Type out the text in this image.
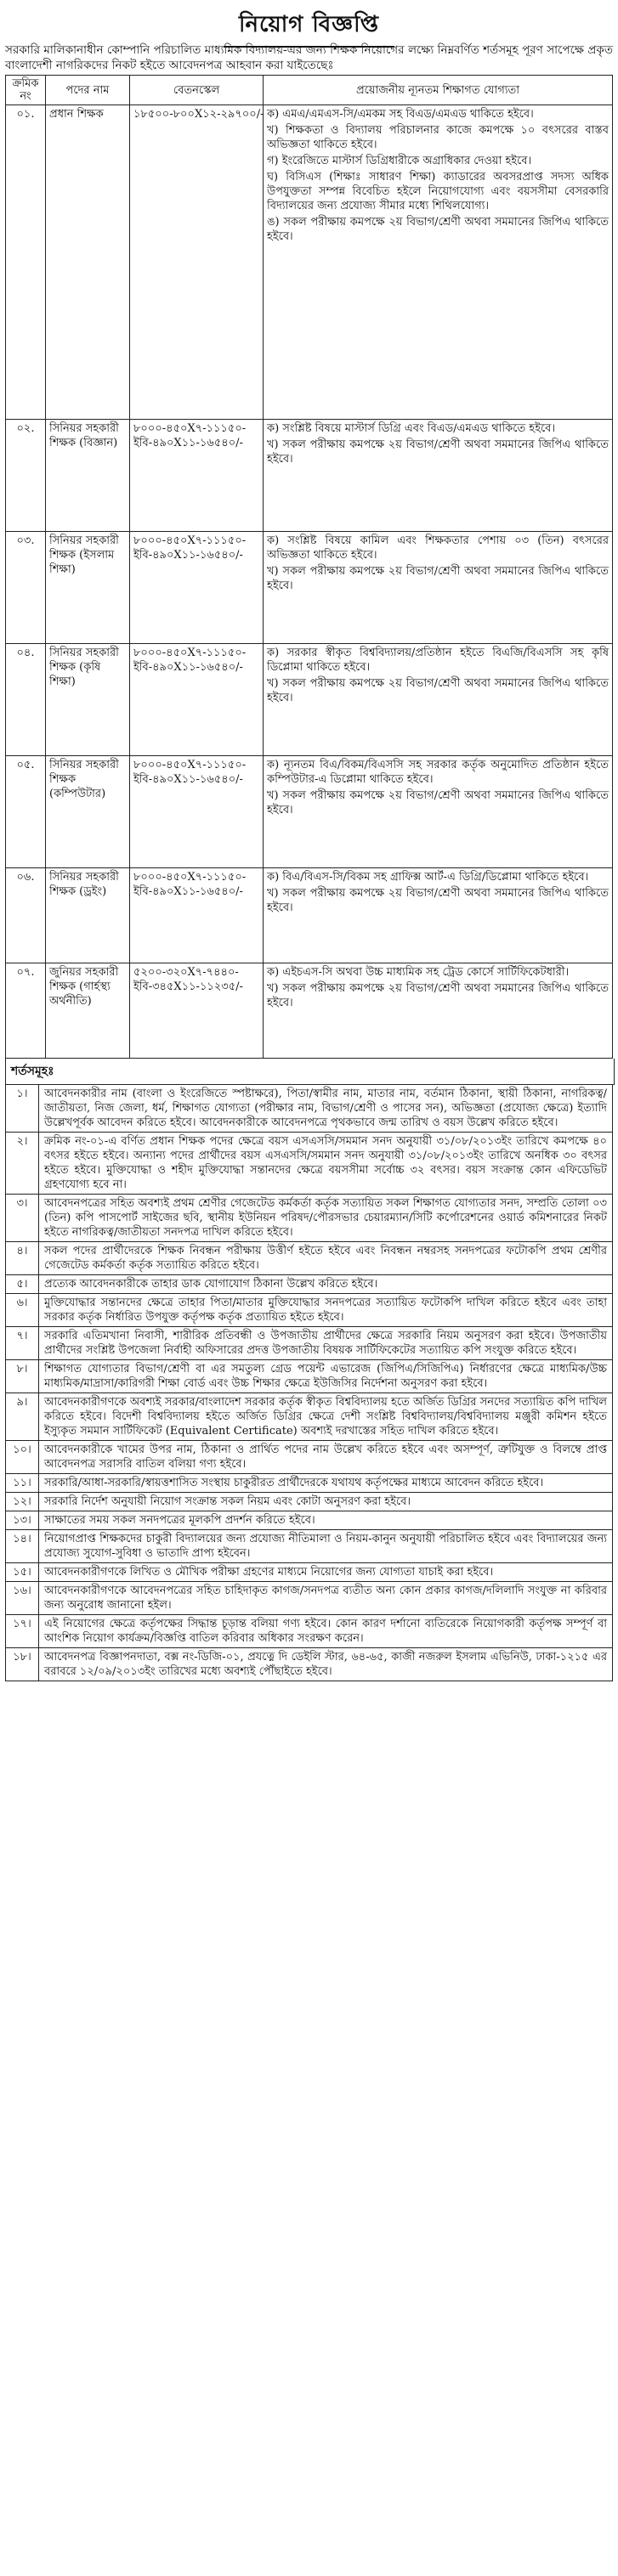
নিয়োগ বিজ্ঞপ্তি
সরকারি মালিকানাধীন কোম্পানি পরিচালিত মাধ্যমিক বিদ্যালয়-এর জন্য শিক্ষক নিয়োগের লক্ষ্যে নিম্নবর্ণিত শর্তসমূহ পূরণ সাপেক্ষে প্রকৃত বাংলাদেশী নাগরিকদের নিকট হইতে আবেদনপত্র আহবান করা যাইতেছেঃ
ক্রমিক নং	পদের নাম	বেতনস্কেল	প্রয়োজনীয় ন্যূনতম শিক্ষাগত যোগ্যতা
০১.	প্রধান শিক্ষক	১৮৫০০-৮০০X১২-২৯৭০০/-	ক) এমএ/এমএস-সি/এমকম সহ বিএড/এমএড থাকিতে হইবে।
খ) শিক্ষকতা ও বিদ্যালয় পরিচালনার কাজে কমপক্ষে ১০ বৎসরের বাস্তব অভিজ্ঞতা থাকিতে হইবে।
গ) ইংরেজিতে মাস্টার্স ডিগ্রিধারীকে অগ্রাধিকার দেওয়া হইবে।
ঘ) বিসিএস (শিক্ষাঃ সাধারণ শিক্ষা) ক্যাডারের অবসরপ্রাপ্ত সদস্য অধিক উপযুক্ততা সম্পন্ন বিবেচিত হইলে নিয়োগযোগ্য এবং বয়সসীমা বেসরকারি বিদ্যালয়ের জন্য প্রযোজ্য সীমার মধ্যে শিথিলযোগ্য।
ঙ) সকল পরীক্ষায় কমপক্ষে ২য় বিভাগ/শ্রেণী অথবা সমমানের জিপিএ থাকিতে হইবে।

০২.	সিনিয়র সহকারী শিক্ষক (বিজ্ঞান)	৮০০০-৪৫০X৭-১১১৫০-ইবি-৪৯০X১১-১৬৫৪০/-	ক) সংশ্লিষ্ট বিষয়ে মাস্টার্স ডিগ্রি এবং বিএড/এমএড থাকিতে হইবে।
খ) সকল পরীক্ষায় কমপক্ষে ২য় বিভাগ/শ্রেণী অথবা সমমানের জিপিএ থাকিতে হইবে।

০৩.	সিনিয়র সহকারী শিক্ষক (ইসলাম শিক্ষা)	৮০০০-৪৫০X৭-১১১৫০-ইবি-৪৯০X১১-১৬৫৪০/-	ক) সংশ্লিষ্ট বিষয়ে কামিল এবং শিক্ষকতার পেশায় ০৩ (তিন) বৎসরের অভিজ্ঞতা থাকিতে হইবে।
খ) সকল পরীক্ষায় কমপক্ষে ২য় বিভাগ/শ্রেণী অথবা সমমানের জিপিএ থাকিতে হইবে।

০৪.	সিনিয়র সহকারী শিক্ষক (কৃষি শিক্ষা)	৮০০০-৪৫০X৭-১১১৫০-ইবি-৪৯০X১১-১৬৫৪০/-	ক) সরকার স্বীকৃত বিশ্ববিদ্যালয়/প্রতিষ্ঠান হইতে বিএজি/বিএসসি সহ কৃষি ডিপ্লোমা থাকিতে হইবে।
খ) সকল পরীক্ষায় কমপক্ষে ২য় বিভাগ/শ্রেণী অথবা সমমানের জিপিএ থাকিতে হইবে।

০৫.	সিনিয়র সহকারী শিক্ষক (কম্পিউটার)	৮০০০-৪৫০X৭-১১১৫০-ইবি-৪৯০X১১-১৬৫৪০/-	ক) ন্যূনতম বিএ/বিকম/বিএসসি সহ সরকার কর্তৃক অনুমোদিত প্রতিষ্ঠান হইতে কম্পিউটার-এ ডিপ্লোমা থাকিতে হইবে।
খ) সকল পরীক্ষায় কমপক্ষে ২য় বিভাগ/শ্রেণী অথবা সমমানের জিপিএ থাকিতে হইবে।

০৬.	সিনিয়র সহকারী শিক্ষক (ড্রইং)	৮০০০-৪৫০X৭-১১১৫০-ইবি-৪৯০X১১-১৬৫৪০/-	ক) বিএ/বিএস-সি/বিকম সহ গ্রাফিক্স আর্ট-এ ডিগ্রি/ডিপ্লোমা থাকিতে হইবে।
খ) সকল পরীক্ষায় কমপক্ষে ২য় বিভাগ/শ্রেণী অথবা সমমানের জিপিএ থাকিতে হইবে।

০৭.	জুনিয়র সহকারী শিক্ষক (গার্হস্থ্য অর্থনীতি)	৫২০০-৩২০X৭-৭৪৪০-ইবি-৩৪৫X১১-১১২৩৫/-	ক) এইচএস-সি অথবা উচ্চ মাধ্যমিক সহ ট্রেড কোর্সে সার্টিফিকেটধারী।
খ) সকল পরীক্ষায় কমপক্ষে ২য় বিভাগ/শ্রেণী অথবা সমমানের জিপিএ থাকিতে হইবে।
শর্তসমূহঃ
১।	আবেদনকারীর নাম (বাংলা ও ইংরেজিতে স্পষ্টাক্ষরে), পিতা/স্বামীর নাম, মাতার নাম, বর্তমান ঠিকানা, স্থায়ী ঠিকানা, নাগরিকত্ব/জাতীয়তা, নিজ জেলা, ধর্ম, শিক্ষাগত যোগ্যতা (পরীক্ষার নাম, বিভাগ/শ্রেণী ও পাসের সন), অভিজ্ঞতা (প্রযোজ্য ক্ষেত্রে) ইত্যাদি উল্লেখপূর্বক আবেদন করিতে হইবে। আবেদনকারীকে আবেদনপত্রে পৃথকভাবে জন্ম তারিখ ও বয়স উল্লেখ করিতে হইবে।
২।	ক্রমিক নং-০১-এ বর্ণিত প্রধান শিক্ষক পদের ক্ষেত্রে বয়স এসএসসি/সমমান সনদ অনুযায়ী ৩১/০৮/২০১৩ইং তারিখে কমপক্ষে ৪০ বৎসর হইতে হইবে। অন্যান্য পদের প্রার্থীদের বয়স এসএসসি/সমমান সনদ অনুযায়ী ৩১/০৮/২০১৩ইং তারিখে অনধিক ৩০ বৎসর হইতে হইবে। মুক্তিযোদ্ধা ও শহীদ মুক্তিযোদ্ধা সন্তানদের ক্ষেত্রে বয়সসীমা সর্বোচ্চ ৩২ বৎসর। বয়স সংক্রান্ত কোন এফিডেভিট গ্রহণযোগ্য হবে না।
৩।	আবেদনপত্রের সহিত অবশ্যই প্রথম শ্রেণীর গেজেটেড কর্মকর্তা কর্তৃক সত্যায়িত সকল শিক্ষাগত যোগ্যতার সনদ, সম্প্রতি তোলা ০৩ (তিন) কপি পাসপোর্ট সাইজের ছবি, স্থানীয় ইউনিয়ন পরিষদ/পৌরসভার চেয়ারম্যান/সিটি কর্পোরেশনের ওয়ার্ড কমিশনারের নিকট হইতে নাগরিকত্ব/জাতীয়তা সনদপত্র দাখিল করিতে হইবে।
৪।	সকল পদের প্রার্থীদেরকে শিক্ষক নিবন্ধন পরীক্ষায় উত্তীর্ণ হইতে হইবে এবং নিবন্ধন নম্বরসহ সনদপত্রের ফটোকপি প্রথম শ্রেণীর গেজেটেড কর্মকর্তা কর্তৃক সত্যায়িত করিতে হইবে।
৫।	প্রত্যেক আবেদনকারীকে তাহার ডাক যোগাযোগ ঠিকানা উল্লেখ করিতে হইবে।
৬।	মুক্তিযোদ্ধার সন্তানদের ক্ষেত্রে তাহার পিতা/মাতার মুক্তিযোদ্ধার সনদপত্রের সত্যায়িত ফটোকপি দাখিল করিতে হইবে এবং তাহা সরকার কর্তৃক নির্ধারিত উপযুক্ত কর্তৃপক্ষ কর্তৃক প্রত্যায়িত হইতে হইবে।
৭।	সরকারি এতিমখানা নিবাসী, শারীরিক প্রতিবন্ধী ও উপজাতীয় প্রার্থীদের ক্ষেত্রে সরকারি নিয়ম অনুসরণ করা হইবে। উপজাতীয় প্রার্থীদের সংশ্লিষ্ট উপজেলা নির্বাহী অফিসারের প্রদত্ত উপজাতীয় বিষয়ক সার্টিফিকেটের সত্যায়িত কপি সংযুক্ত করিতে হইবে।
৮।	শিক্ষাগত যোগ্যতার বিভাগ/শ্রেণী বা এর সমতুল্য গ্রেড পয়েন্ট এভারেজ (জিপিএ/সিজিপিএ) নির্ধারণের ক্ষেত্রে মাধ্যমিক/উচ্চ মাধ্যমিক/মাদ্রাসা/কারিগরী শিক্ষা বোর্ড এবং উচ্চ শিক্ষার ক্ষেত্রে ইউজিসির নির্দেশনা অনুসরণ করা হইবে।
৯।	আবেদনকারীগণকে অবশ্যই সরকার/বাংলাদেশ সরকার কর্তৃক স্বীকৃত বিশ্ববিদ্যালয় হতে অর্জিত ডিগ্রির সনদের সত্যায়িত কপি দাখিল করিতে হইবে। বিদেশী বিশ্ববিদ্যালয় হইতে অর্জিত ডিগ্রির ক্ষেত্রে দেশী সংশ্লিষ্ট বিশ্ববিদ্যালয়/বিশ্ববিদ্যালয় মঞ্জুরী কমিশন হইতে ইস্যুকৃত সমমান সার্টিফিকেট (Equivalent Certificate) অবশ্যই দরখাস্তের সহিত দাখিল করিতে হইবে।
১০।	আবেদনকারীকে খামের উপর নাম, ঠিকানা ও প্রার্থিত পদের নাম উল্লেখ করিতে হইবে এবং অসম্পূর্ণ, ত্রুটিযুক্ত ও বিলম্বে প্রাপ্ত আবেদনপত্র সরাসরি বাতিল বলিয়া গণ্য হইবে।
১১।	সরকারি/আধা-সরকারি/স্বায়ত্তশাসিত সংস্থায় চাকুরীরত প্রার্থীদেরকে যথাযথ কর্তৃপক্ষের মাধ্যমে আবেদন করিতে হইবে।
১২।	সরকারি নির্দেশ অনুযায়ী নিয়োগ সংক্রান্ত সকল নিয়ম এবং কোটা অনুসরণ করা হইবে।
১৩।	সাক্ষাতের সময় সকল সনদপত্রের মূলকপি প্রদর্শন করিতে হইবে।
১৪।	নিয়োগপ্রাপ্ত শিক্ষকদের চাকুরী বিদ্যালয়ের জন্য প্রযোজ্য নীতিমালা ও নিয়ম-কানুন অনুযায়ী পরিচালিত হইবে এবং বিদ্যালয়ের জন্য প্রযোজ্য সুযোগ-সুবিধা ও ভাতাদি প্রাপ্য হইবেন।
১৫।	আবেদনকারীগণকে লিখিত ও মৌখিক পরীক্ষা গ্রহণের মাধ্যমে নিয়োগের জন্য যোগ্যতা যাচাই করা হইবে।
১৬।	আবেদনকারীগণকে আবেদনপত্রের সহিত চাহিদাকৃত কাগজ/সনদপত্র ব্যতীত অন্য কোন প্রকার কাগজ/দলিলাদি সংযুক্ত না করিবার জন্য অনুরোধ জানানো হইল।
১৭।	এই নিয়োগের ক্ষেত্রে কর্তৃপক্ষের সিদ্ধান্ত চূড়ান্ত বলিয়া গণ্য হইবে। কোন কারণ দর্শানো ব্যতিরেকে নিয়োগকারী কর্তৃপক্ষ সম্পূর্ণ বা আংশিক নিয়োগ কার্যক্রম/বিজ্ঞপ্তি বাতিল করিবার অধিকার সংরক্ষণ করেন।
১৮।	আবেদনপত্র বিজ্ঞাপনদাতা, বক্স নং-ডিজি-০১, প্রযত্নে দি ডেইলি স্টার, ৬৪-৬৫, কাজী নজরুল ইসলাম এভিনিউ, ঢাকা-১২১৫ এর বরাবরে ১২/০৯/২০১৩ইং তারিখের মধ্যে অবশ্যই পৌঁছাইতে হইবে।
